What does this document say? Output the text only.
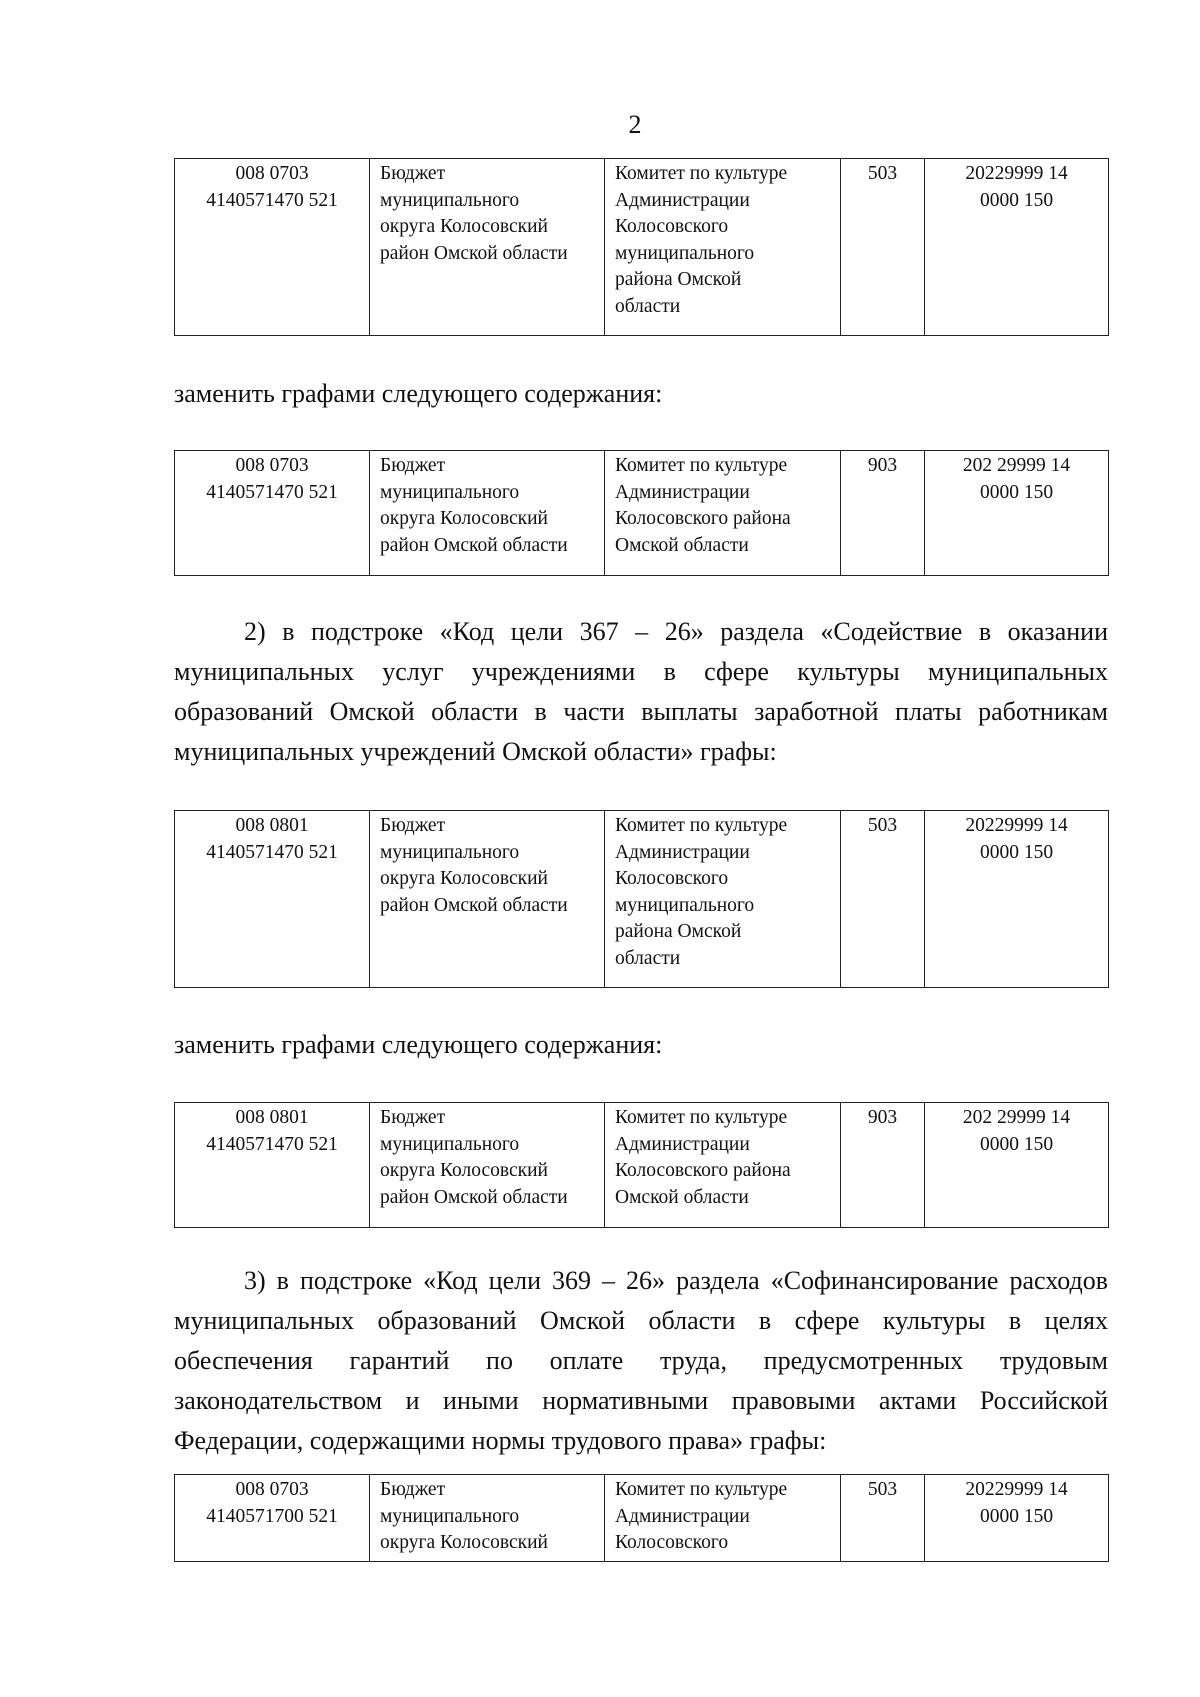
2
008 0703
4140571470 521

Бюджет
муниципального
округа Колосовский
район Омской области

Комитет по культуре
Администрации
Колосовского
муниципального
района Омской
области
	503	20229999 14
0000 150
заменить графами следующего содержания:
008 0703
4140571470 521

Бюджет
муниципального
округа Колосовский
район Омской области

Комитет по культуре
Администрации
Колосовского района
Омской области
	903	202 29999 14
0000 150
2) в подстроке «Код цели 367 – 26» раздела «Содействие в оказании муниципальных услуг учреждениями в сфере культуры муниципальных образований Омской области в части выплаты заработной платы работникам муниципальных учреждений Омской области» графы:
008 0801
4140571470 521

Бюджет
муниципального
округа Колосовский
район Омской области

Комитет по культуре
Администрации
Колосовского
муниципального
района Омской
области
	503	20229999 14
0000 150
заменить графами следующего содержания:
008 0801
4140571470 521

Бюджет
муниципального
округа Колосовский
район Омской области

Комитет по культуре
Администрации
Колосовского района
Омской области
	903	202 29999 14
0000 150
3) в подстроке «Код цели 369 – 26» раздела «Софинансирование расходов муниципальных образований Омской области в сфере культуры в целях обеспечения гарантий по оплате труда, предусмотренных трудовым законодательством и иными нормативными правовыми актами Российской Федерации, содержащими нормы трудового права» графы:
008 0703
4140571700 521

Бюджет
муниципального
округа Колосовский

Комитет по культуре
Администрации
Колосовского
	503	20229999 14
0000 150
